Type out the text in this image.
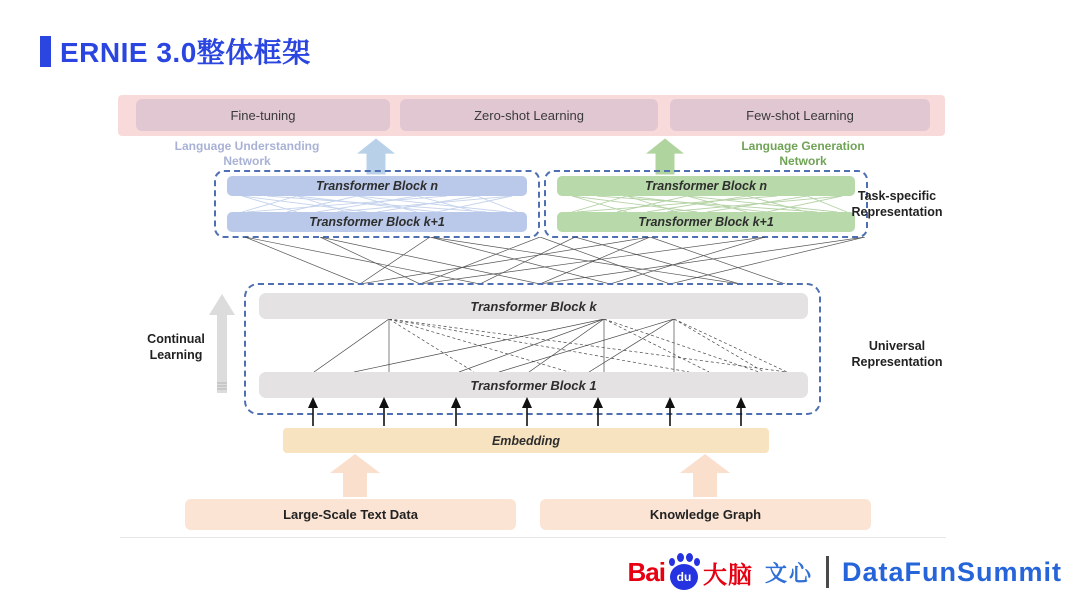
ERNIE 3.0整体框架
Fine-tuning	Zero-shot Learning	Few-shot Learning
Language Understanding Network
Language Generation Network
Transformer Block n
Transformer Block k+1
Transformer Block n
Transformer Block k+1
Task-specific Representation
Transformer Block k
Transformer Block 1
Universal Representation
Continual Learning
Embedding
Large-Scale Text Data	Knowledge Graph
Bai du 大脑 文心 DataFunSummit
